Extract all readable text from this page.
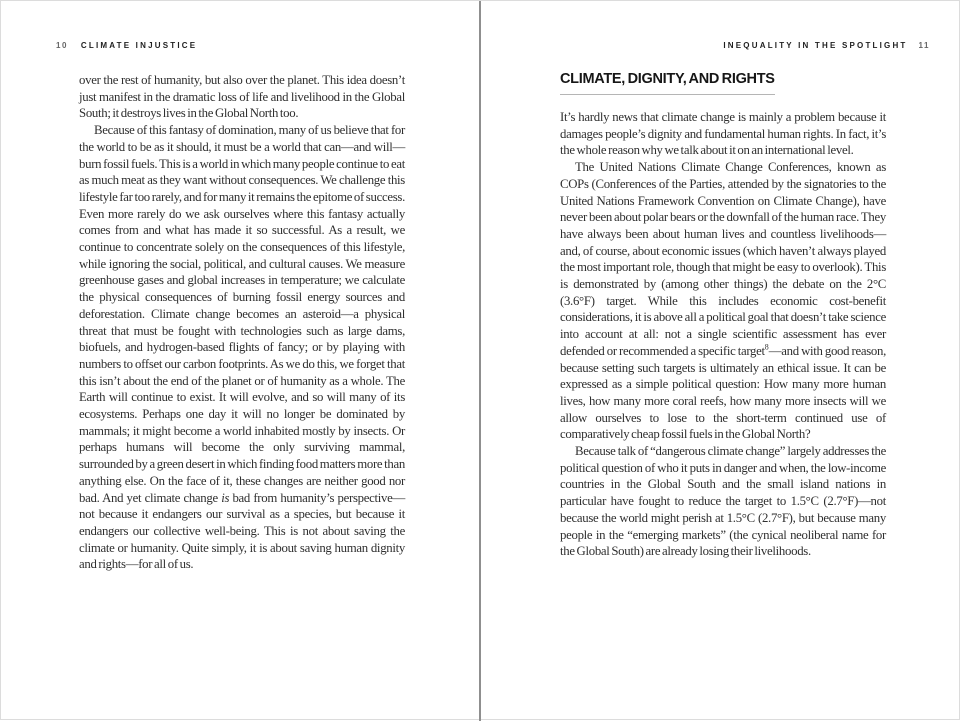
10 CLIMATE INJUSTICE

over the rest of humanity, but also over the planet. This idea doesn’t just manifest in the dramatic loss of life and livelihood in the Global South; it destroys lives in the Global North too.

Because of this fantasy of domination, many of us believe that for the world to be as it should, it must be a world that can—and will—burn fossil fuels. This is a world in which many people continue to eat as much meat as they want without consequences. We challenge this lifestyle far too rarely, and for many it remains the epitome of success. Even more rarely do we ask ourselves where this fantasy actually comes from and what has made it so successful. As a result, we continue to concentrate solely on the consequences of this lifestyle, while ignoring the social, political, and cultural causes. We measure greenhouse gases and global increases in temperature; we calculate the physical consequences of burning fossil energy sources and deforestation. Climate change becomes an asteroid—a physical threat that must be fought with technologies such as large dams, biofuels, and hydrogen-based flights of fancy; or by playing with numbers to offset our carbon footprints. As we do this, we forget that this isn’t about the end of the planet or of humanity as a whole. The Earth will continue to exist. It will evolve, and so will many of its ecosystems. Perhaps one day it will no longer be dominated by mammals; it might become a world inhabited mostly by insects. Or perhaps humans will become the only surviving mammal, surrounded by a green desert in which finding food matters more than anything else. On the face of it, these changes are neither good nor bad. And yet climate change is bad from humanity’s perspective—not because it endangers our survival as a species, but because it endangers our collective well-being. This is not about saving the climate or humanity. Quite simply, it is about saving human dignity and rights—for all of us.

INEQUALITY IN THE SPOTLIGHT 11
CLIMATE, DIGNITY, AND RIGHTS

It’s hardly news that climate change is mainly a problem because it damages people’s dignity and fundamental human rights. In fact, it’s the whole reason why we talk about it on an international level.

The United Nations Climate Change Conferences, known as COPs (Conferences of the Parties, attended by the signatories to the United Nations Framework Convention on Climate Change), have never been about polar bears or the downfall of the human race. They have always been about human lives and countless livelihoods—and, of course, about economic issues (which haven’t always played the most important role, though that might be easy to overlook). This is demonstrated by (among other things) the debate on the 2°C (3.6°F) target. While this includes economic cost-benefit considerations, it is above all a political goal that doesn’t take science into account at all: not a single scientific assessment has ever defended or recommended a specific target$^8$—and with good reason, because setting such targets is ultimately an ethical issue. It can be expressed as a simple political question: How many more human lives, how many more coral reefs, how many more insects will we allow ourselves to lose to the short-term continued use of comparatively cheap fossil fuels in the Global North?

Because talk of “dangerous climate change” largely addresses the political question of who it puts in danger and when, the low-income countries in the Global South and the small island nations in particular have fought to reduce the target to 1.5°C (2.7°F)—not because the world might perish at 1.5°C (2.7°F), but because many people in the “emerging markets” (the cynical neoliberal name for the Global South) are already losing their livelihoods.
